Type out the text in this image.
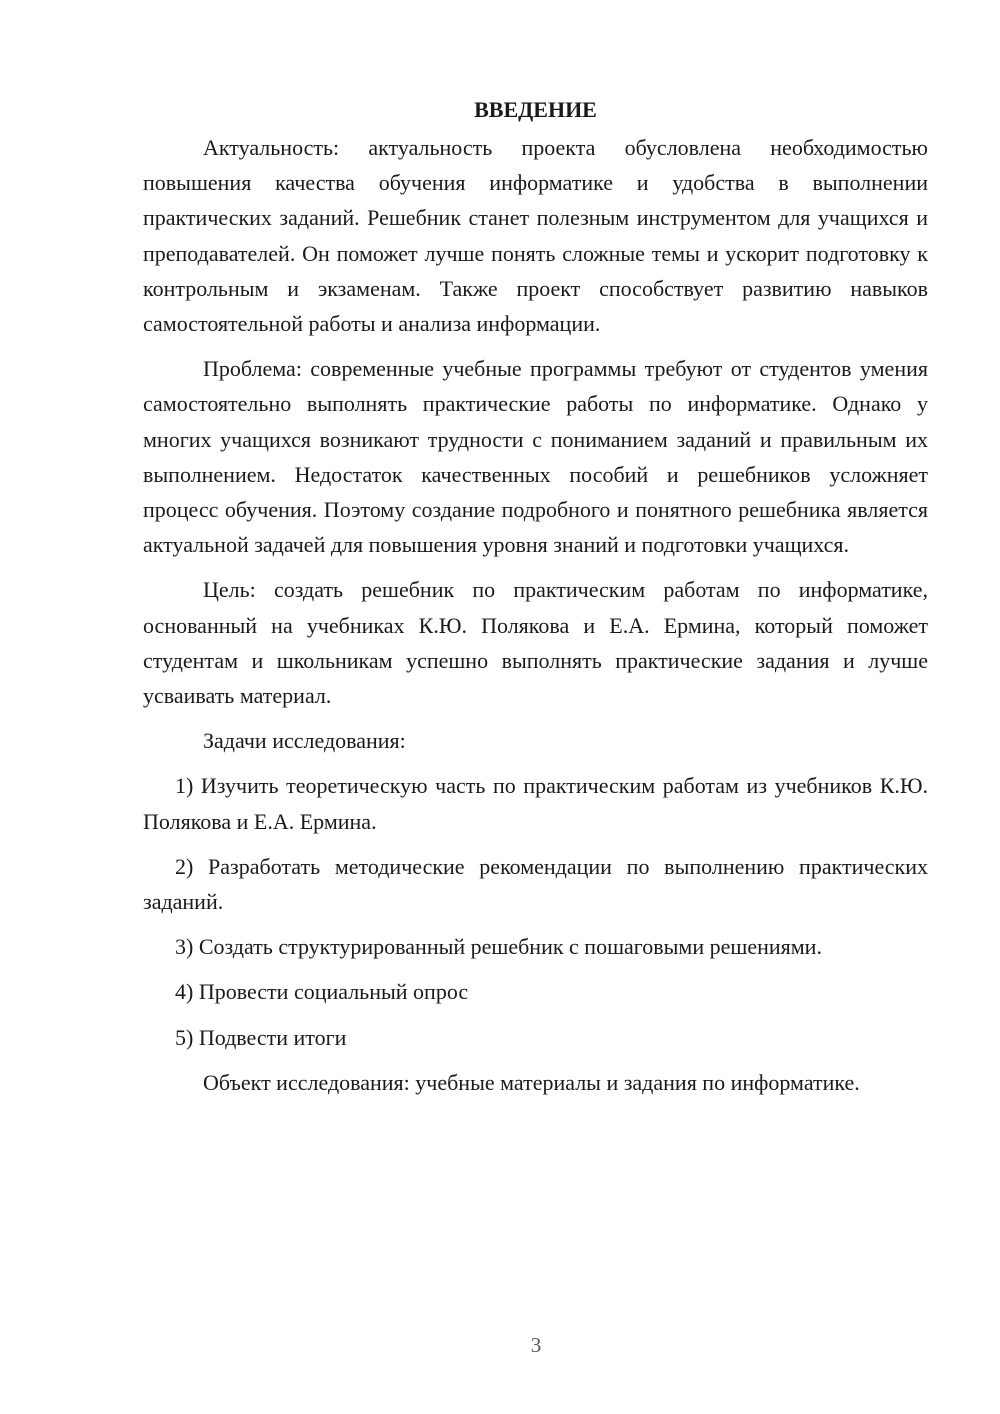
ВВЕДЕНИЕ

Актуальность: актуальность проекта обусловлена необходимостью повышения качества обучения информатике и удобства в выполнении практических заданий. Решебник станет полезным инструментом для учащихся и преподавателей. Он поможет лучше понять сложные темы и ускорит подготовку к контрольным и экзаменам. Также проект способствует развитию навыков самостоятельной работы и анализа информации.

Проблема: современные учебные программы требуют от студентов умения самостоятельно выполнять практические работы по информатике. Однако у многих учащихся возникают трудности с пониманием заданий и правильным их выполнением. Недостаток качественных пособий и решебников усложняет процесс обучения. Поэтому создание подробного и понятного решебника является актуальной задачей для повышения уровня знаний и подготовки учащихся.

Цель: создать решебник по практическим работам по информатике, основанный на учебниках К.Ю. Полякова и Е.А. Ермина, который поможет студентам и школьникам успешно выполнять практические задания и лучше усваивать материал.

Задачи исследования:

1) Изучить теоретическую часть по практическим работам из учебников К.Ю. Полякова и Е.А. Ермина.

2) Разработать методические рекомендации по выполнению практических заданий.

3) Создать структурированный решебник с пошаговыми решениями.

4) Провести социальный опрос

5) Подвести итоги

Объект исследования: учебные материалы и задания по информатике.

3
